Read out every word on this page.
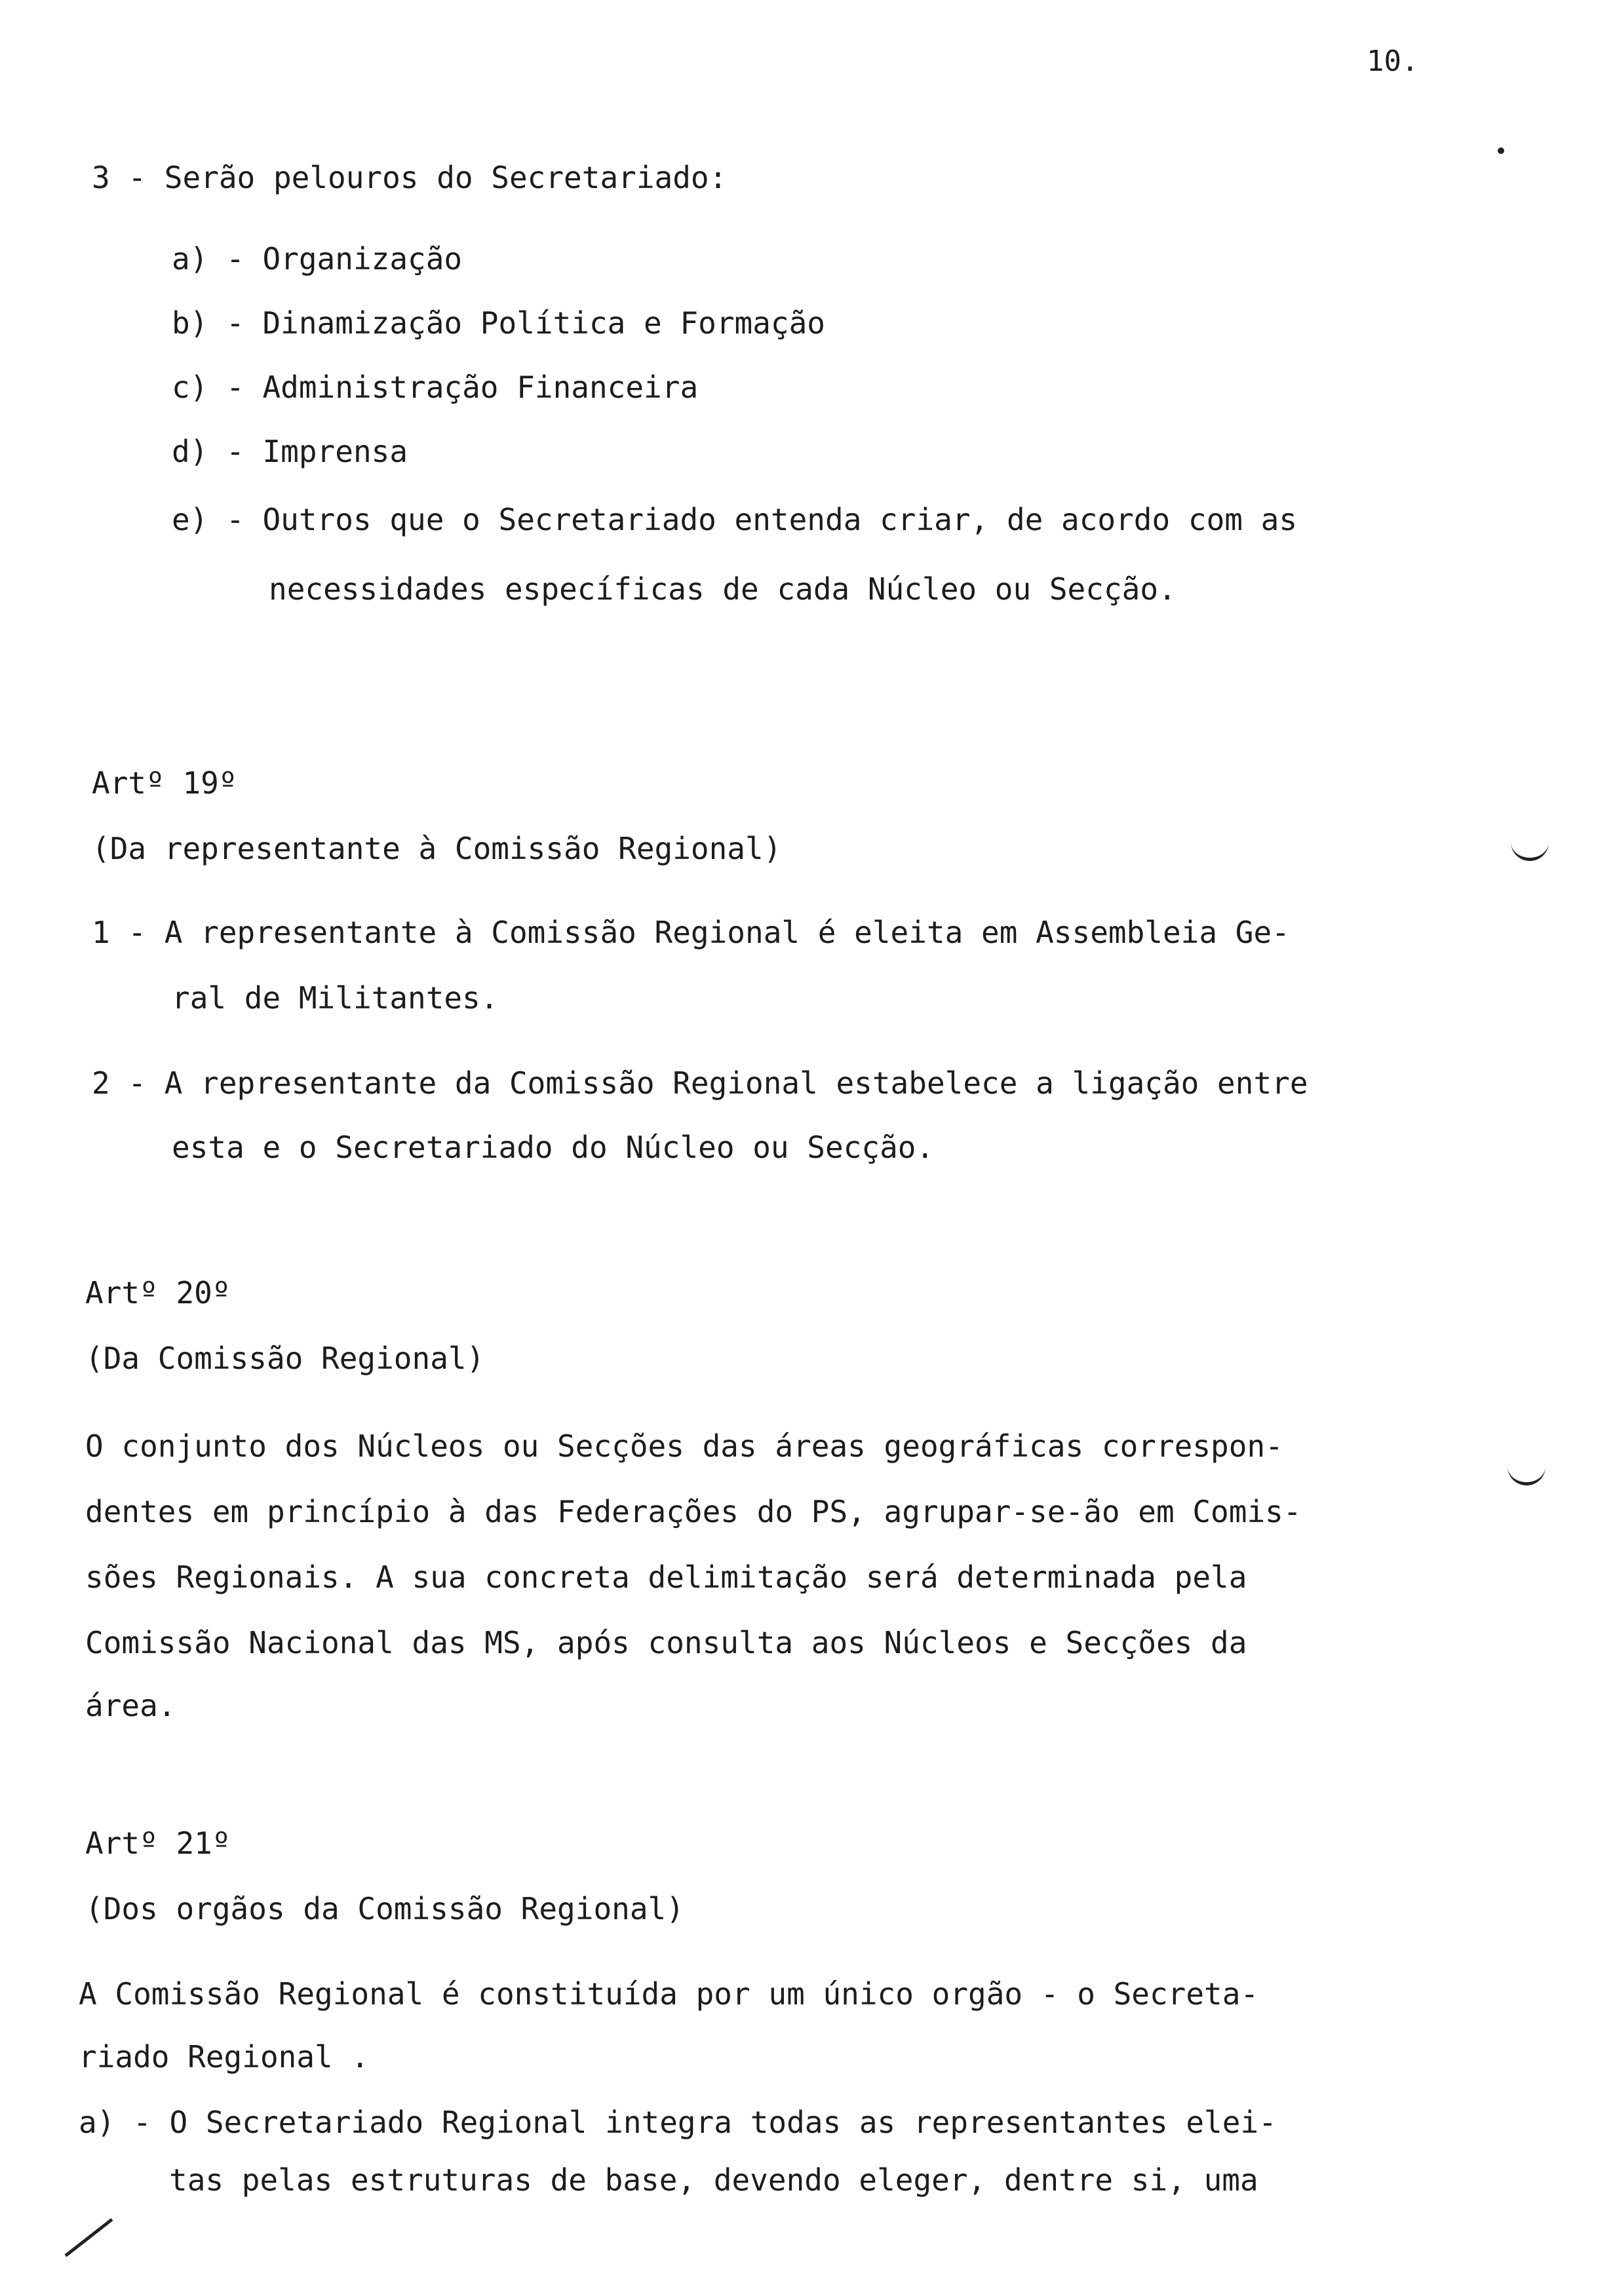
10.
3 - Serão pelouros do Secretariado:
a) - Organização
b) - Dinamização Política e Formação
c) - Administração Financeira
d) - Imprensa
e) - Outros que o Secretariado entenda criar, de acordo com as
necessidades específicas de cada Núcleo ou Secção.
Artº 19º
(Da representante à Comissão Regional)
1 - A representante à Comissão Regional é eleita em Assembleia Ge-
ral de Militantes.
2 - A representante da Comissão Regional estabelece a ligação entre
esta e o Secretariado do Núcleo ou Secção.
Artº 20º
(Da Comissão Regional)
O conjunto dos Núcleos ou Secções das áreas geográficas correspon-
dentes em princípio à das Federações do PS, agrupar-se-ão em Comis-
sões Regionais. A sua concreta delimitação será determinada pela
Comissão Nacional das MS, após consulta aos Núcleos e Secções da
área.
Artº 21º
(Dos orgãos da Comissão Regional)
A Comissão Regional é constituída por um único orgão - o Secreta-
riado Regional .
a) - O Secretariado Regional integra todas as representantes elei-
tas pelas estruturas de base, devendo eleger, dentre si, uma
